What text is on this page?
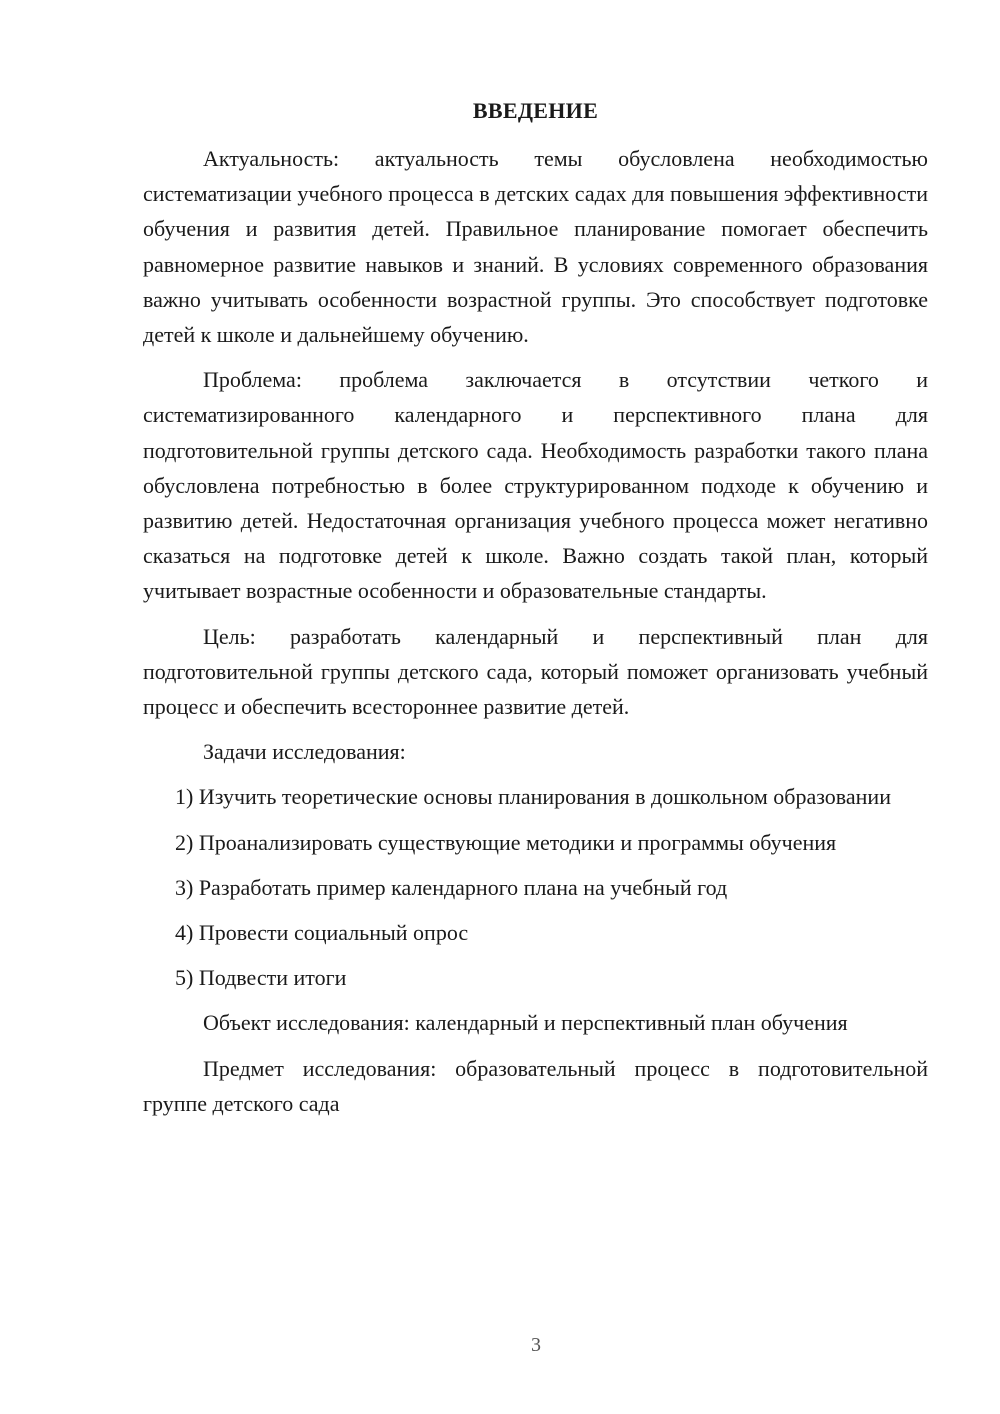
ВВЕДЕНИЕ

Актуальность: актуальность темы обусловлена необходимостью систематизации учебного процесса в детских садах для повышения эффективности обучения и развития детей. Правильное планирование помогает обеспечить равномерное развитие навыков и знаний. В условиях современного образования важно учитывать особенности возрастной группы. Это способствует подготовке детей к школе и дальнейшему обучению.

Проблема: проблема заключается в отсутствии четкого и систематизированного календарного и перспективного плана для подготовительной группы детского сада. Необходимость разработки такого плана обусловлена потребностью в более структурированном подходе к обучению и развитию детей. Недостаточная организация учебного процесса может негативно сказаться на подготовке детей к школе. Важно создать такой план, который учитывает возрастные особенности и образовательные стандарты.

Цель: разработать календарный и перспективный план для подготовительной группы детского сада, который поможет организовать учебный процесс и обеспечить всестороннее развитие детей.

Задачи исследования:

1) Изучить теоретические основы планирования в дошкольном образовании

2) Проанализировать существующие методики и программы обучения

3) Разработать пример календарного плана на учебный год

4) Провести социальный опрос

5) Подвести итоги

Объект исследования: календарный и перспективный план обучения

Предмет исследования: образовательный процесс в подготовительной группе детского сада

3
